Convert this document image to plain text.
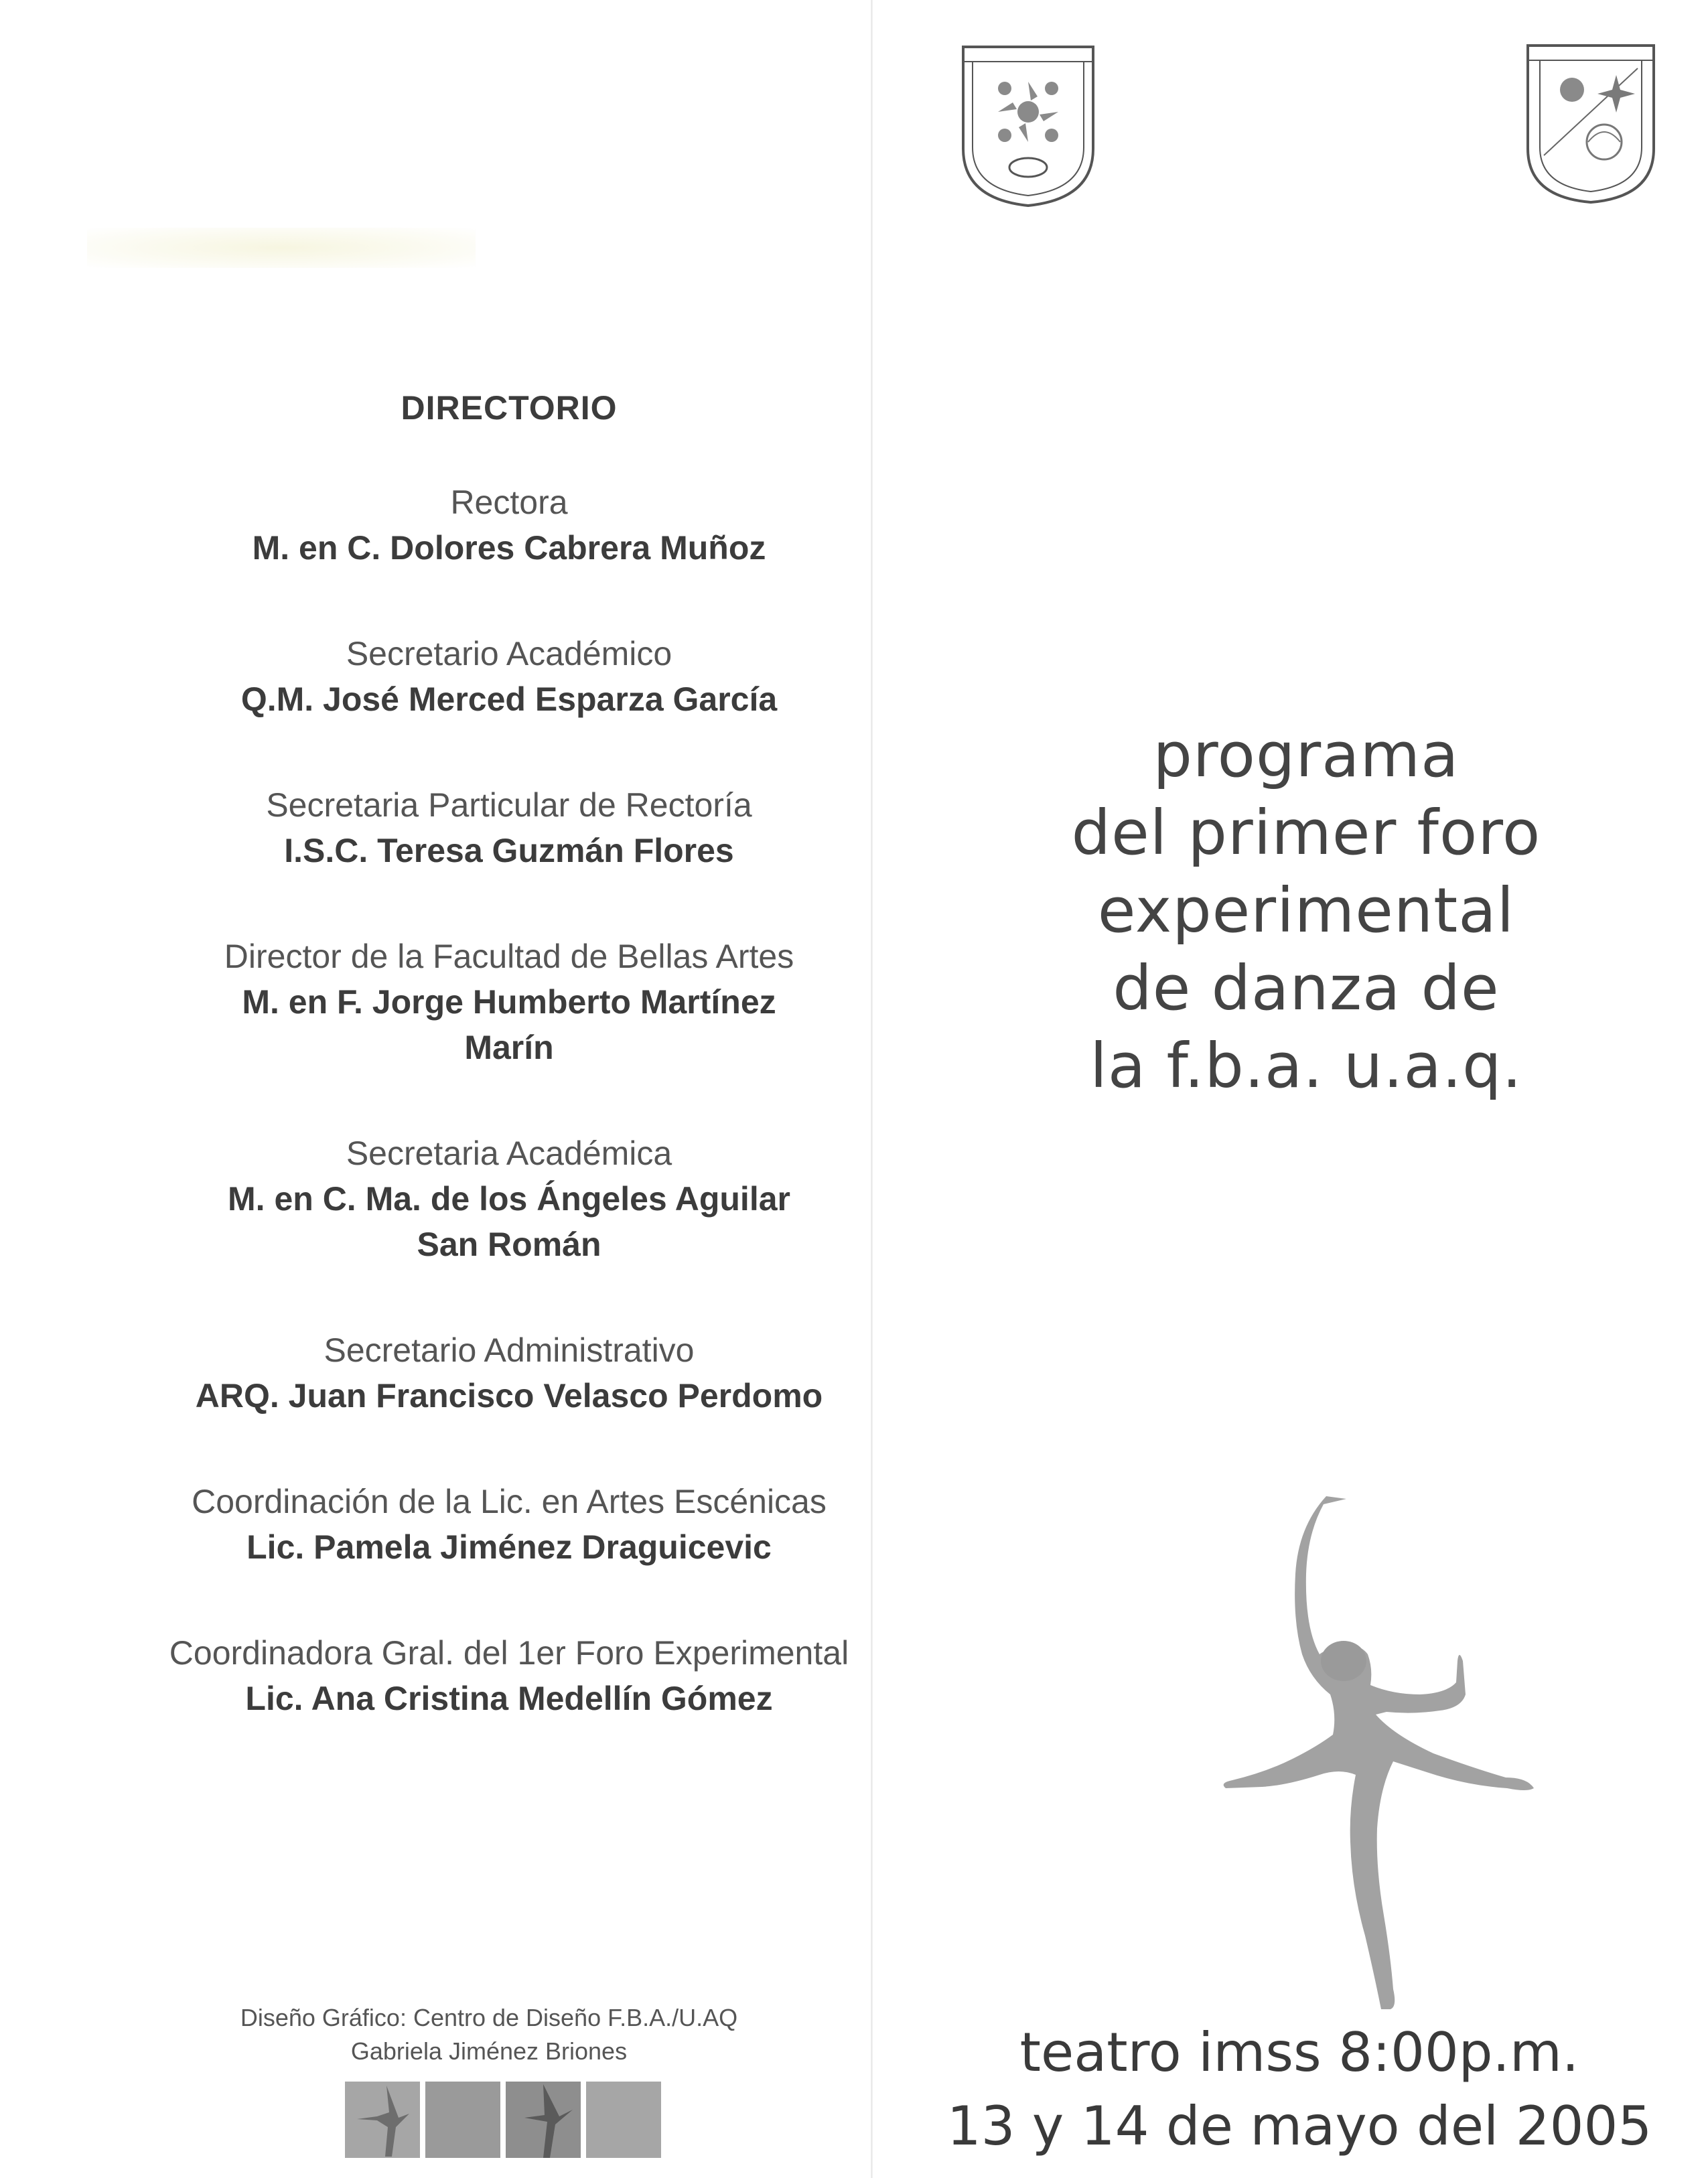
DIRECTORIO
Rectora
M. en C. Dolores Cabrera Muñoz
Secretario Académico
Q.M. José Merced Esparza García
Secretaria Particular de Rectoría
I.S.C. Teresa Guzmán Flores
Director de la Facultad de Bellas Artes
M. en F. Jorge Humberto Martínez Marín
Secretaria Académica
M. en C. Ma. de los Ángeles Aguilar San Román
Secretario Administrativo
ARQ. Juan Francisco Velasco Perdomo
Coordinación de la Lic. en Artes Escénicas
Lic. Pamela Jiménez Draguicevic
Coordinadora Gral. del 1er Foro Experimental
Lic. Ana Cristina Medellín Gómez
Diseño Gráfico: Centro de Diseño F.B.A./U.AQ
Gabriela Jiménez Briones
programa
del primer foro
experimental
de danza de
la f.b.a. u.a.q.
teatro imss 8:00p.m.
13 y 14 de mayo del 2005
